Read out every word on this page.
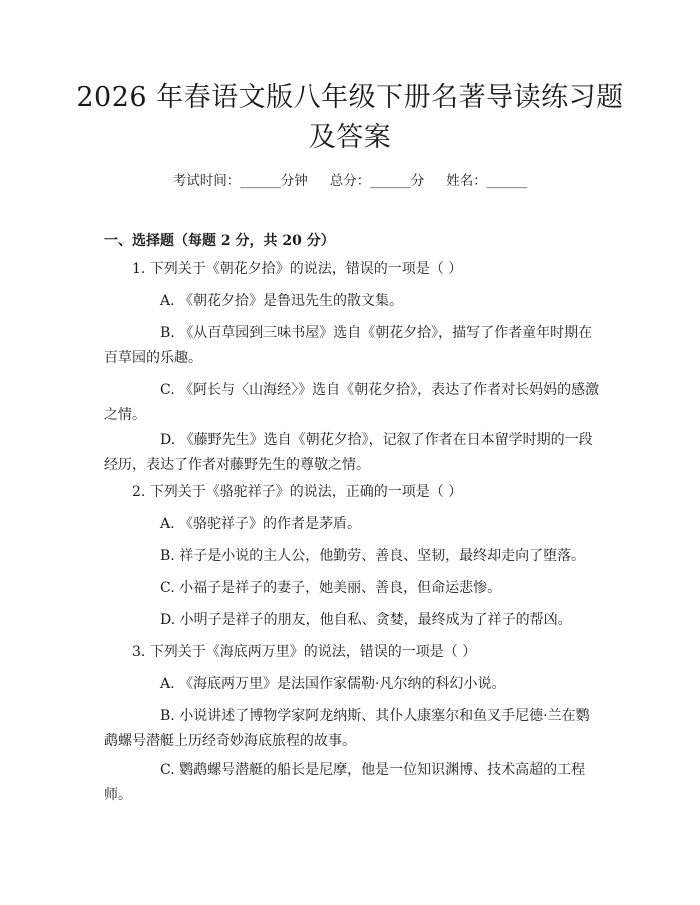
2026 年春语文版八年级下册名著导读练习题
及答案
考试时间：______分钟 总分：______分 姓名：______
一、选择题（每题 2 分，共 20 分）

1. 下列关于《朝花夕拾》的说法，错误的一项是（ ）

A. 《朝花夕拾》是鲁迅先生的散文集。

B. 《从百草园到三味书屋》选自《朝花夕拾》，描写了作者童年时期在百草园的乐趣。

C. 《阿长与〈山海经〉》选自《朝花夕拾》，表达了作者对长妈妈的感激之情。

D. 《藤野先生》选自《朝花夕拾》，记叙了作者在日本留学时期的一段经历，表达了作者对藤野先生的尊敬之情。

2. 下列关于《骆驼祥子》的说法，正确的一项是（ ）

A. 《骆驼祥子》的作者是茅盾。

B. 祥子是小说的主人公，他勤劳、善良、坚韧，最终却走向了堕落。

C. 小福子是祥子的妻子，她美丽、善良，但命运悲惨。

D. 小明子是祥子的朋友，他自私、贪婪，最终成为了祥子的帮凶。

3. 下列关于《海底两万里》的说法，错误的一项是（ ）

A. 《海底两万里》是法国作家儒勒·凡尔纳的科幻小说。

B. 小说讲述了博物学家阿龙纳斯、其仆人康塞尔和鱼叉手尼德·兰在鹦鹉螺号潜艇上历经奇妙海底旅程的故事。

C. 鹦鹉螺号潜艇的船长是尼摩，他是一位知识渊博、技术高超的工程师。
